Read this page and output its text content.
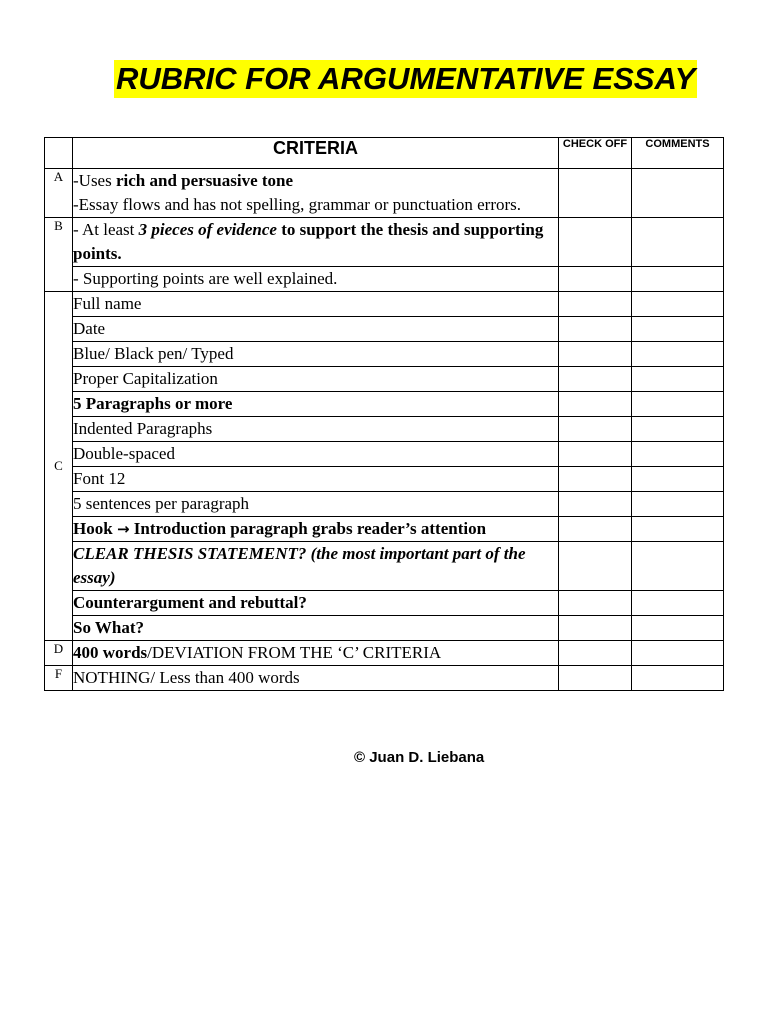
RUBRIC FOR ARGUMENTATIVE ESSAY
	CRITERIA	CHECK OFF	COMMENTS
A	-Uses rich and persuasive tone
-Essay flows and has not spelling, grammar or punctuation errors.		
B	- At least 3 pieces of evidence to support the thesis and supporting points.		
	- Supporting points are well explained.		
C	Full name		
	Date		
	Blue/ Black pen/ Typed		
	Proper Capitalization		
	5 Paragraphs or more		
	Indented Paragraphs		
	Double-spaced		
	Font 12		
	5 sentences per paragraph		
	Hook → Introduction paragraph grabs reader’s attention		
	CLEAR THESIS STATEMENT? (the most important part of the essay)		
	Counterargument and rebuttal?		
	So What?		
D	400 words/DEVIATION FROM THE ‘C’ CRITERIA		
F	NOTHING/ Less than 400 words		
© Juan D. Liebana
